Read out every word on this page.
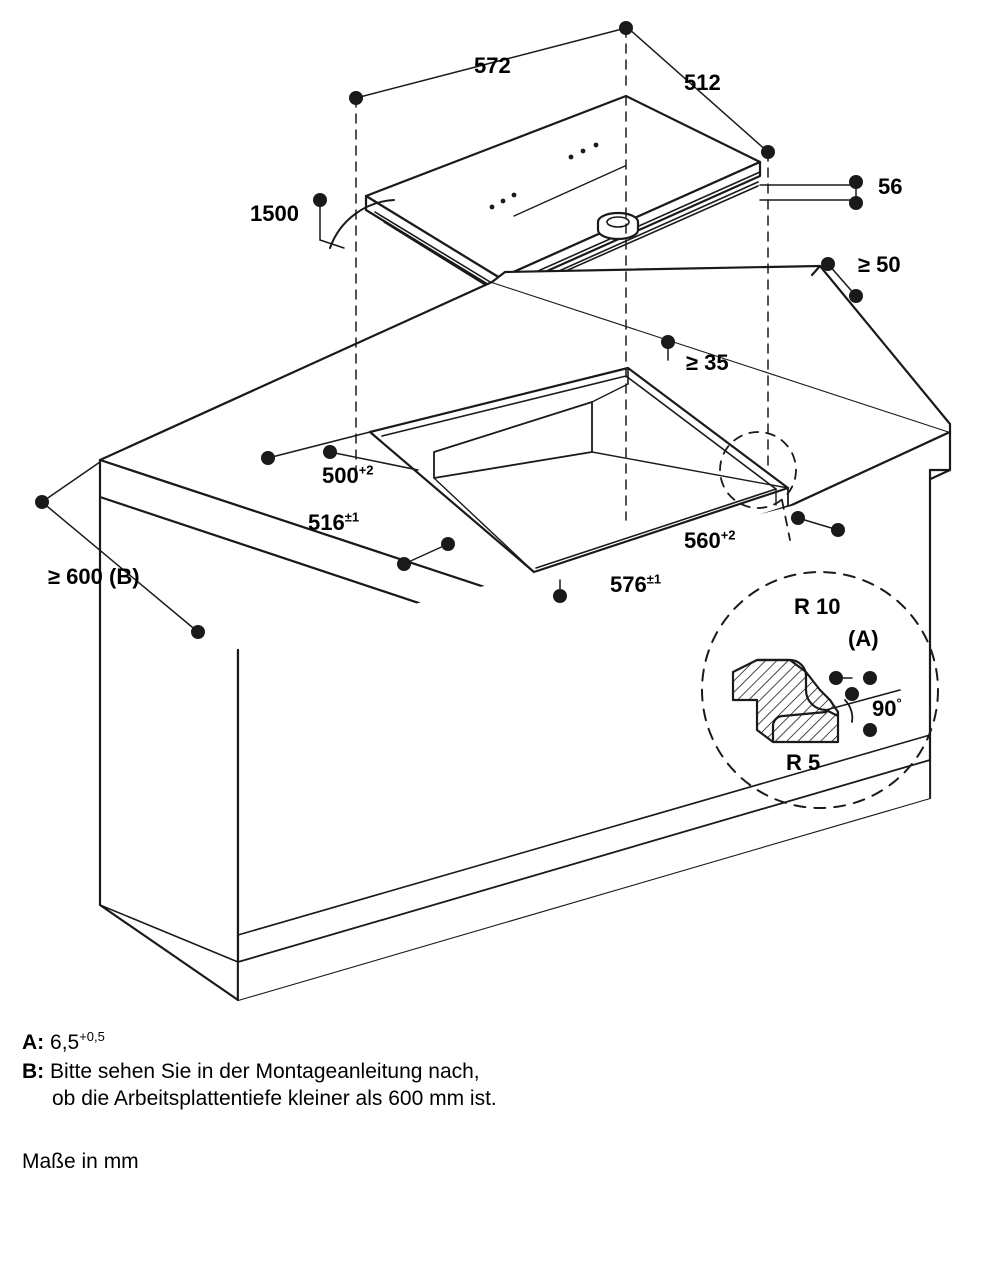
572
512
56
1500
≥ 50
≥ 35
$500^{+2}$
$516^{\pm 1}$
$560^{+2}$
$576^{\pm 1}$
≥ 600 (B)
R 10
(A)
90°
R 5
A: $6,5^{+0,5}$
B: Bitte sehen Sie in der Montageanleitung nach,
ob die Arbeitsplattentiefe kleiner als 600 mm ist.
Maße in mm
